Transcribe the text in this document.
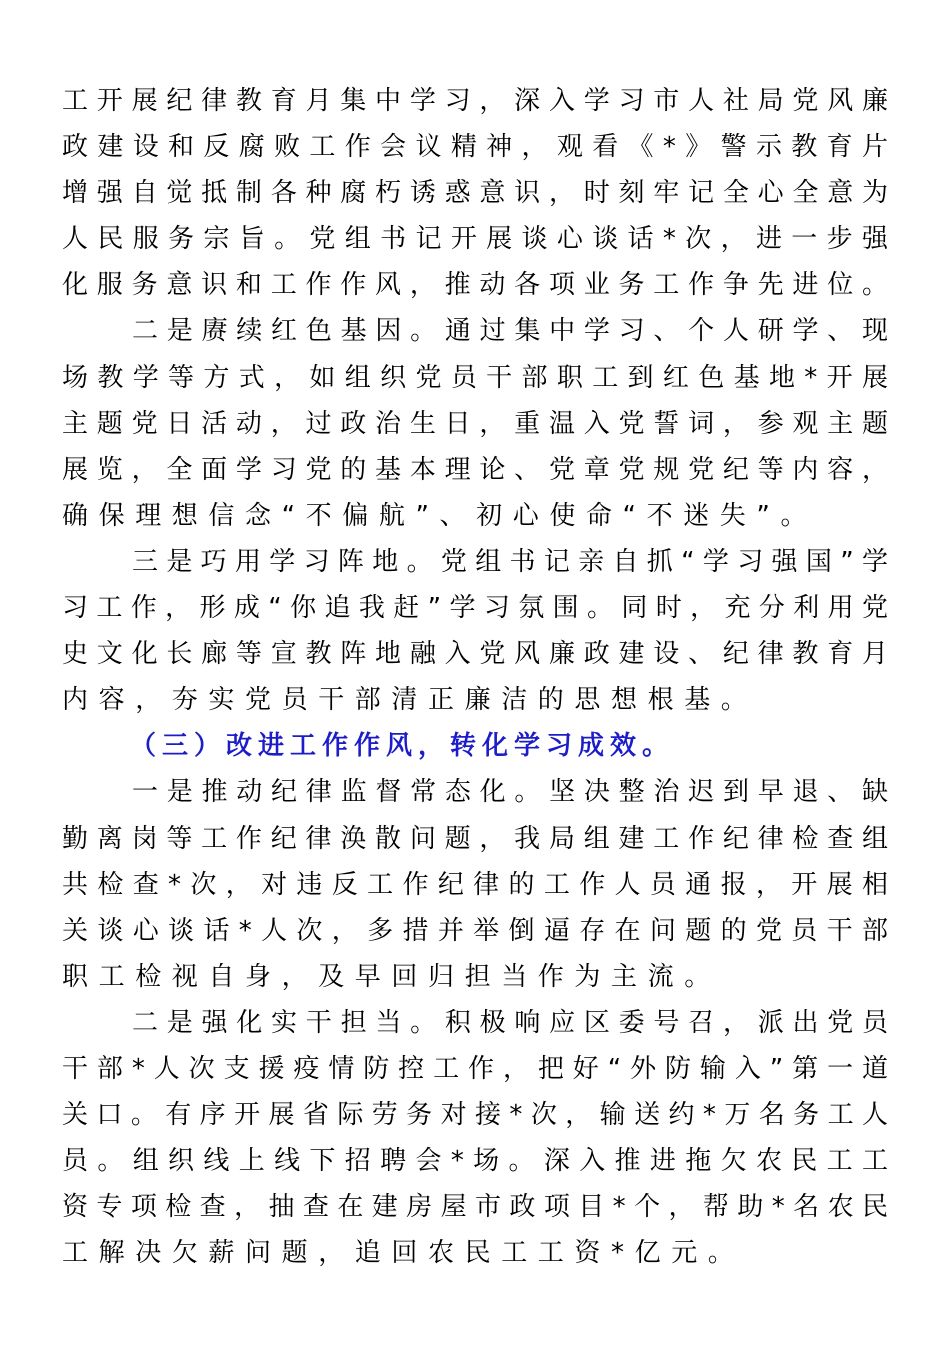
工开展纪律教育月集中学习，深入学习市人社局党风廉
政建设和反腐败工作会议精神，观看《*》警示教育片
增强自觉抵制各种腐朽诱惑意识，时刻牢记全心全意为
人民服务宗旨。党组书记开展谈心谈话*次，进一步强
化服务意识和工作作风，推动各项业务工作争先进位。
二是赓续红色基因。通过集中学习、个人研学、现
场教学等方式，如组织党员干部职工到红色基地*开展
主题党日活动，过政治生日，重温入党誓词，参观主题
展览，全面学习党的基本理论、党章党规党纪等内容，
确保理想信念“不偏航”、初心使命“不迷失”。
三是巧用学习阵地。党组书记亲自抓“学习强国”学
习工作，形成“你追我赶”学习氛围。同时，充分利用党
史文化长廊等宣教阵地融入党风廉政建设、纪律教育月
内容，夯实党员干部清正廉洁的思想根基。
（三）改进工作作风，转化学习成效。
一是推动纪律监督常态化。坚决整治迟到早退、缺
勤离岗等工作纪律涣散问题，我局组建工作纪律检查组
共检查*次，对违反工作纪律的工作人员通报，开展相
关谈心谈话*人次，多措并举倒逼存在问题的党员干部
职工检视自身，及早回归担当作为主流。
二是强化实干担当。积极响应区委号召，派出党员
干部*人次支援疫情防控工作，把好“外防输入”第一道
关口。有序开展省际劳务对接*次，输送约*万名务工人
员。组织线上线下招聘会*场。深入推进拖欠农民工工
资专项检查，抽查在建房屋市政项目*个，帮助*名农民
工解决欠薪问题，追回农民工工资*亿元。
